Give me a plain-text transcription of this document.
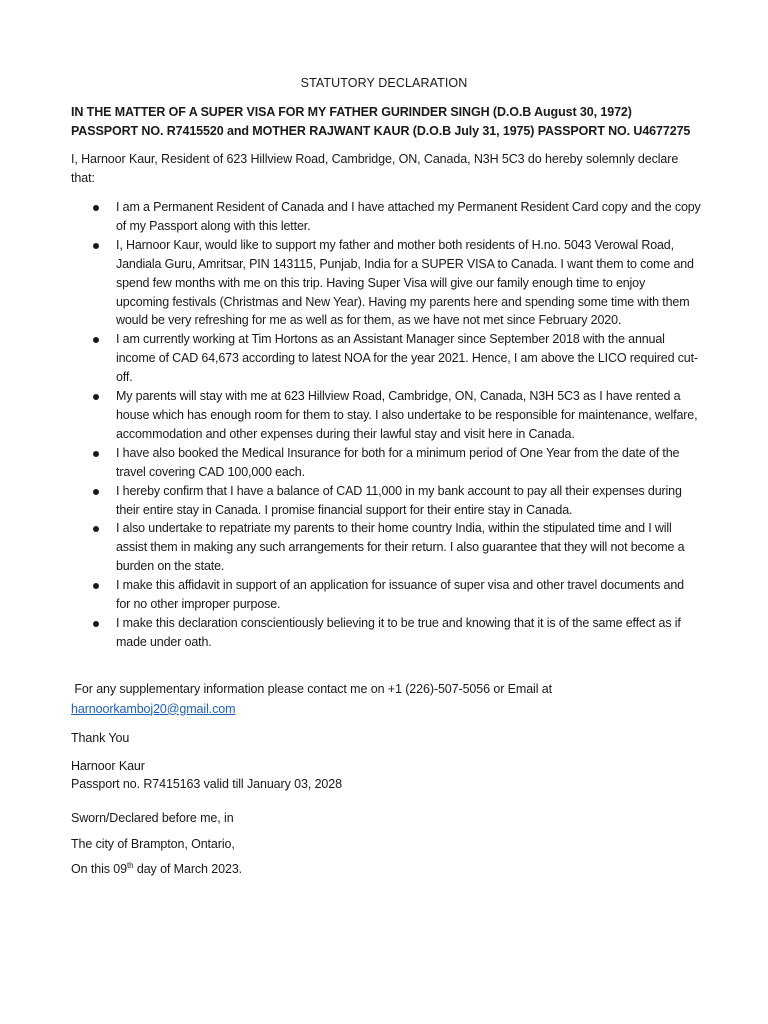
STATUTORY DECLARATION
IN THE MATTER OF A SUPER VISA FOR MY FATHER GURINDER SINGH (D.O.B August 30, 1972) PASSPORT NO. R7415520 and MOTHER RAJWANT KAUR (D.O.B July 31, 1975) PASSPORT NO. U4677275
I, Harnoor Kaur, Resident of 623 Hillview Road, Cambridge, ON, Canada, N3H 5C3 do hereby solemnly declare that:
I am a Permanent Resident of Canada and I have attached my Permanent Resident Card copy and the copy of my Passport along with this letter.
I, Harnoor Kaur, would like to support my father and mother both residents of H.no. 5043 Verowal Road, Jandiala Guru, Amritsar, PIN 143115, Punjab, India for a SUPER VISA to Canada. I want them to come and spend few months with me on this trip. Having Super Visa will give our family enough time to enjoy upcoming festivals (Christmas and New Year). Having my parents here and spending some time with them would be very refreshing for me as well as for them, as we have not met since February 2020.
I am currently working at Tim Hortons as an Assistant Manager since September 2018 with the annual income of CAD 64,673 according to latest NOA for the year 2021. Hence, I am above the LICO required cut-off.
My parents will stay with me at 623 Hillview Road, Cambridge, ON, Canada, N3H 5C3 as I have rented a house which has enough room for them to stay. I also undertake to be responsible for maintenance, welfare, accommodation and other expenses during their lawful stay and visit here in Canada.
I have also booked the Medical Insurance for both for a minimum period of One Year from the date of the travel covering CAD 100,000 each.
I hereby confirm that I have a balance of CAD 11,000 in my bank account to pay all their expenses during their entire stay in Canada. I promise financial support for their entire stay in Canada.
I also undertake to repatriate my parents to their home country India, within the stipulated time and I will assist them in making any such arrangements for their return. I also guarantee that they will not become a burden on the state.
I make this affidavit in support of an application for issuance of super visa and other travel documents and for no other improper purpose.
I make this declaration conscientiously believing it to be true and knowing that it is of the same effect as if made under oath.
For any supplementary information please contact me on +1 (226)-507-5056 or Email at
harnoorkamboj20@gmail.com
Thank You
Harnoor Kaur
Passport no. R7415163 valid till January 03, 2028
Sworn/Declared before me, in
The city of Brampton, Ontario,
On this 09th day of March 2023.
